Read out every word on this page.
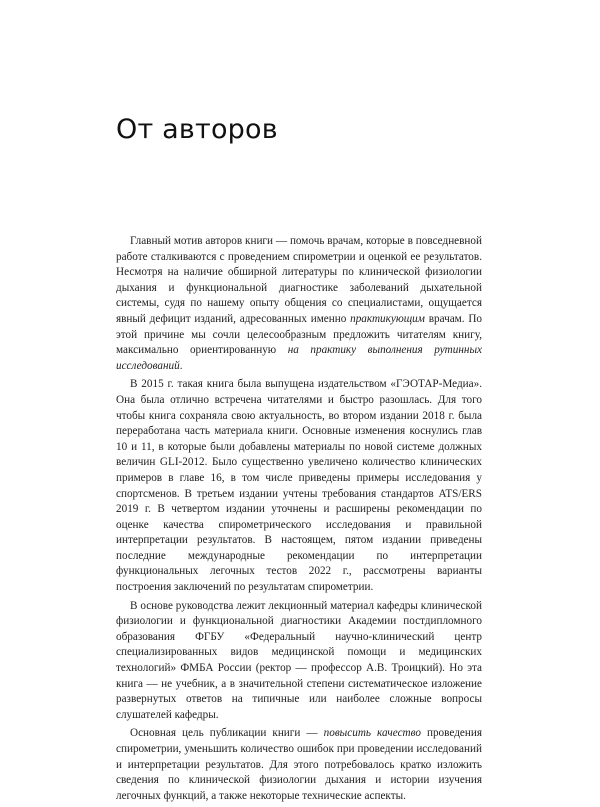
От авторов

Главный мотив авторов книги — помочь врачам, которые в повседневной работе сталкиваются с проведением спирометрии и оценкой ее результатов. Несмотря на наличие обширной литературы по клинической физиологии дыхания и функциональной диагностике заболеваний дыхательной системы, судя по нашему опыту общения со специалистами, ощущается явный дефицит изданий, адресованных именно практикующим врачам. По этой причине мы сочли целесообразным предложить читателям книгу, максимально ориентированную на практику выполнения рутинных исследований.

В 2015 г. такая книга была выпущена издательством «ГЭОТАР-Медиа». Она была отлично встречена читателями и быстро разошлась. Для того чтобы книга сохраняла свою актуальность, во втором издании 2018 г. была переработана часть материала книги. Основные изменения коснулись глав 10 и 11, в которые были добавлены материалы по новой системе должных величин GLI-2012. Было существенно увеличено количество клинических примеров в главе 16, в том числе приведены примеры исследования у спортсменов. В третьем издании учтены требования стандартов ATS/ERS 2019 г. В четвертом издании уточнены и расширены рекомендации по оценке качества спирометрического исследования и правильной интерпретации результатов. В настоящем, пятом издании приведены последние международные рекомендации по интерпретации функциональных легочных тестов 2022 г., рассмотрены варианты построения заключений по результатам спирометрии.

В основе руководства лежит лекционный материал кафедры клинической физиологии и функциональной диагностики Академии постдипломного образования ФГБУ «Федеральный научно-клинический центр специализированных видов медицинской помощи и медицинских технологий» ФМБА России (ректор — профессор А.В. Троицкий). Но эта книга — не учебник, а в значительной степени систематическое изложение развернутых ответов на типичные или наиболее сложные вопросы слушателей кафедры.

Основная цель публикации книги — повысить качество проведения спирометрии, уменьшить количество ошибок при проведении исследований и интерпретации результатов. Для этого потребовалось кратко изложить сведения по клинической физиологии дыхания и истории изучения легочных функций, а также некоторые технические аспекты.
